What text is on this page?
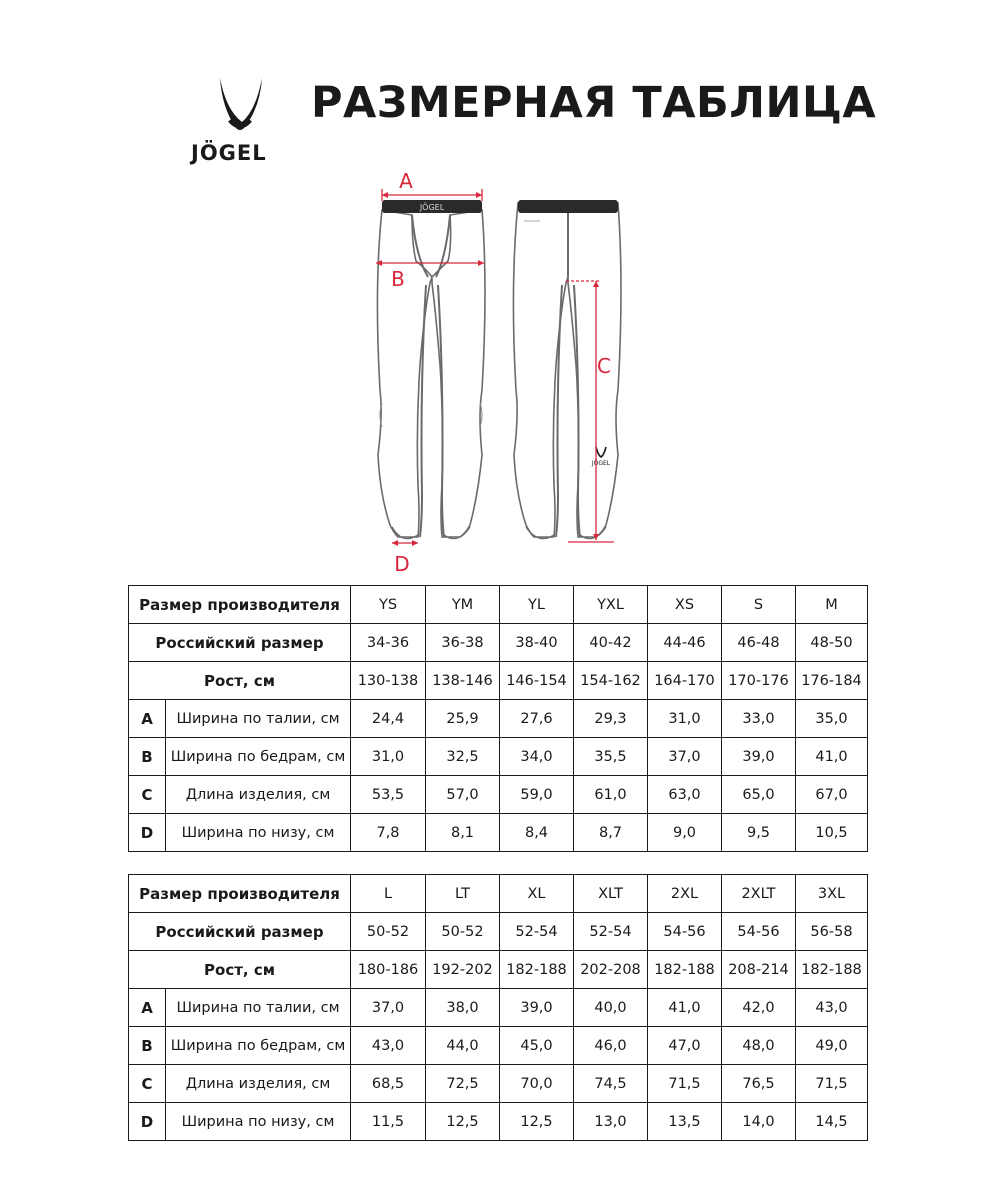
JÖGEL
РАЗМЕРНАЯ ТАБЛИЦА
JÖGEL
JÖGEL
A
B
C
D
Размер производителя		YS	YM	YL	YXL	XS	S	M
Российский размер		34-36	36-38	38-40	40-42	44-46	46-48	48-50
Рост, см		130-138	138-146	146-154	154-162	164-170	170-176	176-184
A	Ширина по талии, см	24,4	25,9	27,6	29,3	31,0	33,0	35,0
B	Ширина по бедрам, см	31,0	32,5	34,0	35,5	37,0	39,0	41,0
C	Длина изделия, см	53,5	57,0	59,0	61,0	63,0	65,0	67,0
D	Ширина по низу, см	7,8	8,1	8,4	8,7	9,0	9,5	10,5
Размер производителя		L	LT	XL	XLT	2XL	2XLT	3XL
Российский размер		50-52	50-52	52-54	52-54	54-56	54-56	56-58
Рост, см		180-186	192-202	182-188	202-208	182-188	208-214	182-188
A	Ширина по талии, см	37,0	38,0	39,0	40,0	41,0	42,0	43,0
B	Ширина по бедрам, см	43,0	44,0	45,0	46,0	47,0	48,0	49,0
C	Длина изделия, см	68,5	72,5	70,0	74,5	71,5	76,5	71,5
D	Ширина по низу, см	11,5	12,5	12,5	13,0	13,5	14,0	14,5
